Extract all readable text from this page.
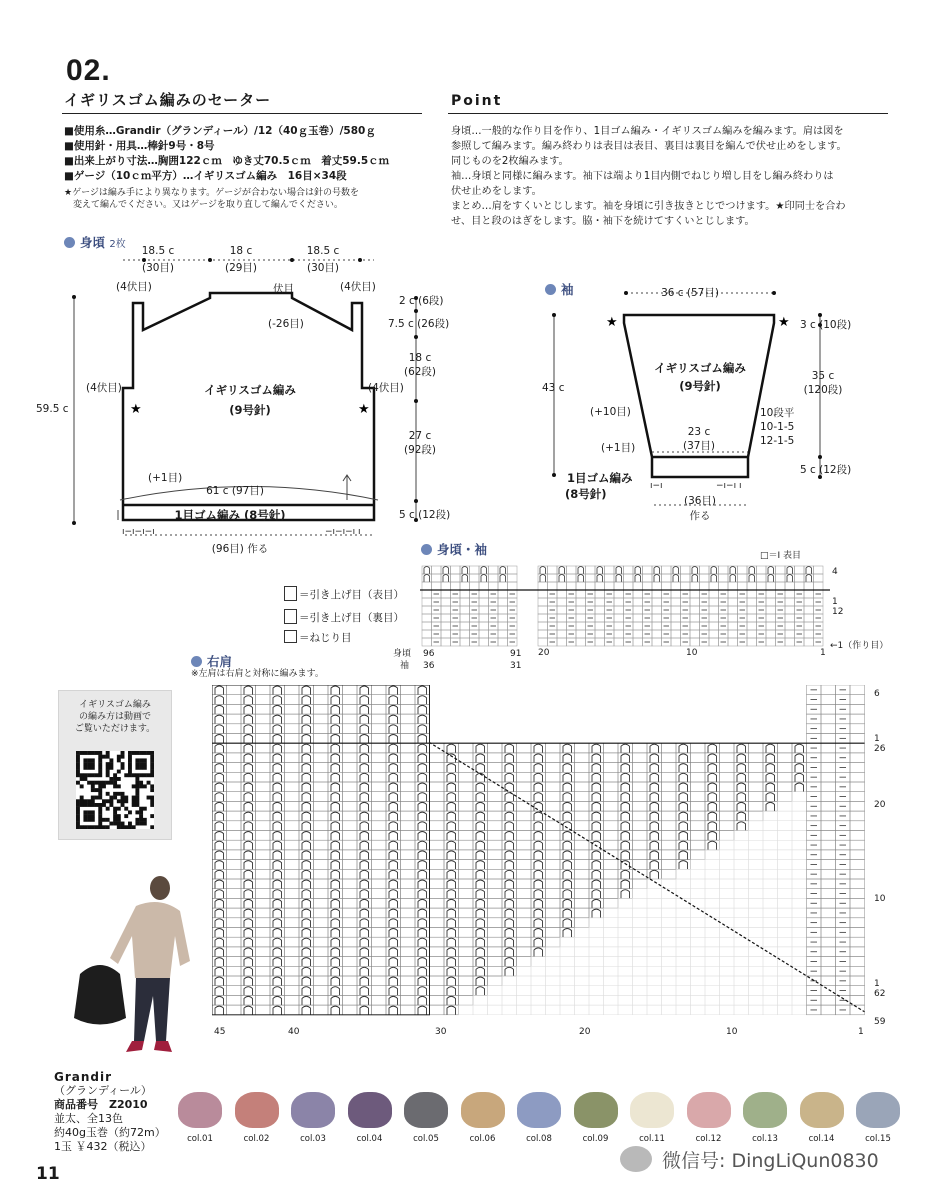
02.
イギリスゴム編みのセーター	Point
■使用糸…Grandir（グランディール）/12（40ｇ玉巻）/580ｇ
■使用針・用具…棒針9号・8号
■出来上がり寸法…胸囲122ｃｍ　ゆき丈70.5ｃｍ　着丈59.5ｃｍ
■ゲージ（10ｃｍ平方）…イギリスゴム編み　16目×34段
★ゲージは編み手により異なります。ゲージが合わない場合は針の号数を
　変えて編んでください。又はゲージを取り直して編んでください。
身頃…一般的な作り目を作り、1目ゴム編み・イギリスゴム編みを編みます。肩は図を
参照して編みます。編み終わりは表目は表目、裏目は裏目を編んで伏せ止めをします。
同じものを2枚編みます。
袖…身頃と同様に編みます。袖下は端より1目内側でねじり増し目をし編み終わりは
伏せ止めをします。
まとめ…肩をすくいとじします。袖を身頃に引き抜きとじでつけます。★印同士を合わ
せ、目と段のはぎをします。脇・袖下を続けてすくいとじします。
身頃 2枚
★	★
18.5 c
(30目)
18 c
(29目)
18.5 c
(30目)
(4伏目)	(4伏目)
伏目
(-26目)
(4伏目)	(4伏目)
イギリスゴム編み
(9号針)
(+1目)
61 c (97目)
1目ゴム編み (8号針)
ı−ı−ı−ı	−ı−ı−ı ı
(96目) 作る
59.5 c
2 c (6段)
7.5 c (26段)
18 c
(62段)
27 c
(92段)
5 c (12段)
袖
★	★
36 c (57目)
イギリスゴム編み
(9号針)
43 c
(+10目)
(+1目)
23 c
(37目)
1目ゴム編み
(8号針)
ı−ı	−ı−ı ı
(36目)
作る
3 c (10段)
35 c
(120段)
5 c (12段)
10段平
10-1-5
12-1-5
身頃・袖	□＝Ⅰ 表目
＝引き上げ目（表目）
＝引き上げ目（裏目）
＝ねじり目
4
1
12
←1（作り目）
20	10	1
身頃
袖
96	91
36	31
右肩
※左肩は右肩と対称に編みます。
6
1
26
20
10
1
62
59
45	40	30	20	10	1
イギリスゴム編み
の編み方は動画で
ご覧いただけます。
Grandir
（グランディール）
商品番号　Z2010
並太、全13色
約40g玉巻（約72m）
1玉 ￥432（税込）
col.01	col.02	col.03	col.04	col.05	col.06	col.08	col.09	col.11	col.12	col.13	col.14	col.15
11
微信号: DingLiQun0830
